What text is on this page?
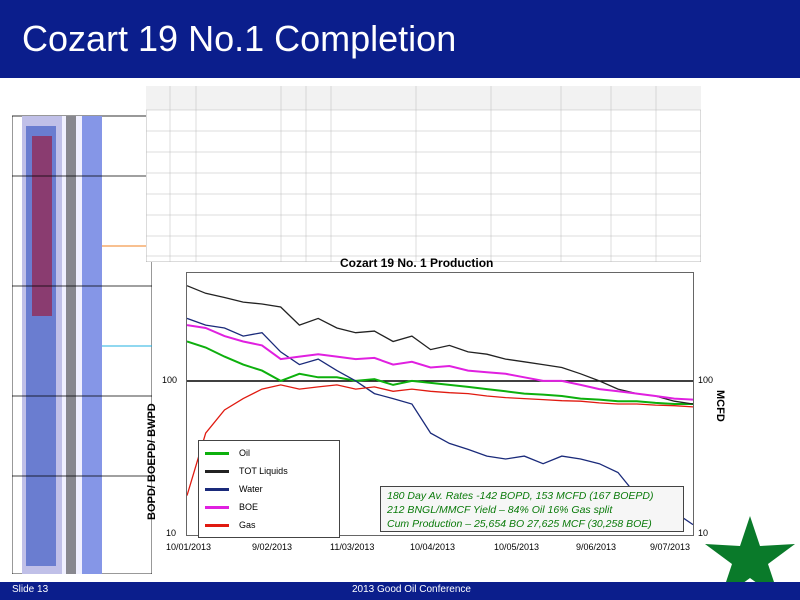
Cozart 19 No.1 Completion
Cozart 19 No. 1 Production
BOPD/ BOEPD/ BWPD	MCFD
100
10
100
10
10/01/2013	9/02/2013	11/03/2013	10/04/2013	10/05/2013	9/06/2013	9/07/2013
Oil
TOT Liquids
Water
BOE
Gas
180 Day Av. Rates -142 BOPD, 153 MCFD (167 BOEPD)
212 BNGL/MMCF Yield – 84% Oil 16% Gas split
Cum Production – 25,654 BO 27,625 MCF (30,258 BOE)
Slide 13	2013 Good Oil Conference
